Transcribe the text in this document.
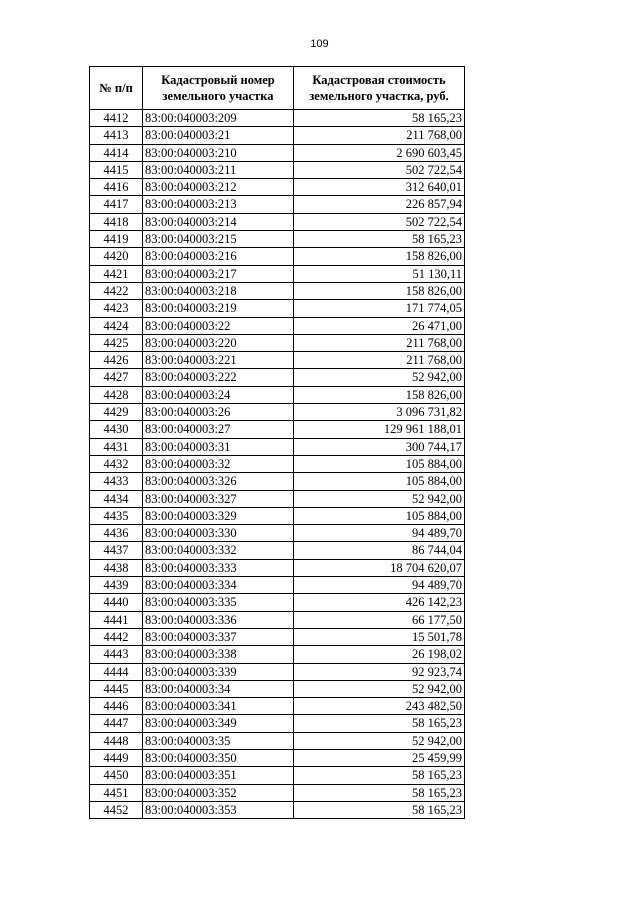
109
№ п/п	Кадастровый номер земельного участка	Кадастровая стоимость земельного участка, руб.
4412	83:00:040003:209	58 165,23
4413	83:00:040003:21	211 768,00
4414	83:00:040003:210	2 690 603,45
4415	83:00:040003:211	502 722,54
4416	83:00:040003:212	312 640,01
4417	83:00:040003:213	226 857,94
4418	83:00:040003:214	502 722,54
4419	83:00:040003:215	58 165,23
4420	83:00:040003:216	158 826,00
4421	83:00:040003:217	51 130,11
4422	83:00:040003:218	158 826,00
4423	83:00:040003:219	171 774,05
4424	83:00:040003:22	26 471,00
4425	83:00:040003:220	211 768,00
4426	83:00:040003:221	211 768,00
4427	83:00:040003:222	52 942,00
4428	83:00:040003:24	158 826,00
4429	83:00:040003:26	3 096 731,82
4430	83:00:040003:27	129 961 188,01
4431	83:00:040003:31	300 744,17
4432	83:00:040003:32	105 884,00
4433	83:00:040003:326	105 884,00
4434	83:00:040003:327	52 942,00
4435	83:00:040003:329	105 884,00
4436	83:00:040003:330	94 489,70
4437	83:00:040003:332	86 744,04
4438	83:00:040003:333	18 704 620,07
4439	83:00:040003:334	94 489,70
4440	83:00:040003:335	426 142,23
4441	83:00:040003:336	66 177,50
4442	83:00:040003:337	15 501,78
4443	83:00:040003:338	26 198,02
4444	83:00:040003:339	92 923,74
4445	83:00:040003:34	52 942,00
4446	83:00:040003:341	243 482,50
4447	83:00:040003:349	58 165,23
4448	83:00:040003:35	52 942,00
4449	83:00:040003:350	25 459,99
4450	83:00:040003:351	58 165,23
4451	83:00:040003:352	58 165,23
4452	83:00:040003:353	58 165,23
